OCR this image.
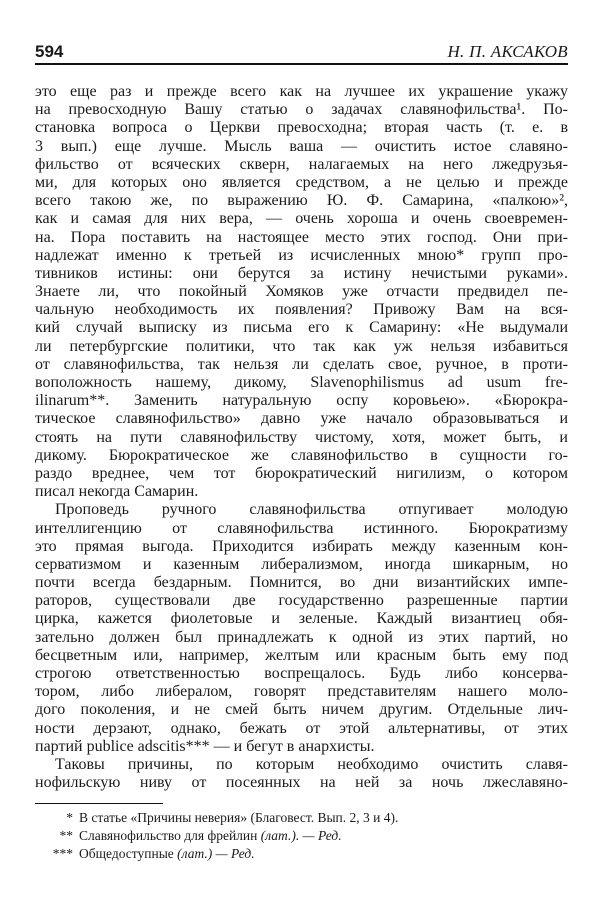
594	Н. П. АКСАКОВ
это еще раз и прежде всего как на лучшее их украшение укажу
на превосходную Вашу статью о задачах славянофильства¹. По-
становка вопроса о Церкви превосходна; вторая часть (т. е. в
3 вып.) еще лучше. Мысль ваша — очистить истое славяно-
фильство от всяческих скверн, налагаемых на него лжедрузья-
ми, для которых оно является средством, а не целью и прежде
всего такою же, по выражению Ю. Ф. Самарина, «палкою»²,
как и самая для них вера, — очень хороша и очень своевремен-
на. Пора поставить на настоящее место этих господ. Они при-
надлежат именно к третьей из исчисленных мною* групп про-
тивников истины: они берутся за истину нечистыми руками».
Знаете ли, что покойный Хомяков уже отчасти предвидел пе-
чальную необходимость их появления? Привожу Вам на вся-
кий случай выписку из письма его к Самарину: «Не выдумали
ли петербургские политики, что так как уж нельзя избавиться
от славянофильства, так нельзя ли сделать свое, ручное, в проти-
воположность нашему, дикому, Slavenophilismus ad usum fre-
ilinarum**. Заменить натуральную оспу коровьею». «Бюрокра-
тическое славянофильство» давно уже начало образовываться и
стоять на пути славянофильству чистому, хотя, может быть, и
дикому. Бюрократическое же славянофильство в сущности го-
раздо вреднее, чем тот бюрократический нигилизм, о котором
писал некогда Самарин.
Проповедь ручного славянофильства отпугивает молодую
интеллигенцию от славянофильства истинного. Бюрократизму
это прямая выгода. Приходится избирать между казенным кон-
серватизмом и казенным либерализмом, иногда шикарным, но
почти всегда бездарным. Помнится, во дни византийских импе-
раторов, существовали две государственно разрешенные партии
цирка, кажется фиолетовые и зеленые. Каждый византиец обя-
зательно должен был принадлежать к одной из этих партий, но
бесцветным или, например, желтым или красным быть ему под
строгою ответственностью воспрещалось. Будь либо консерва-
тором, либо либералом, говорят представителям нашего моло-
дого поколения, и не смей быть ничем другим. Отдельные лич-
ности дерзают, однако, бежать от этой альтернативы, от этих
партий publice adscitis*** — и бегут в анархисты.
Таковы причины, по которым необходимо очистить славя-
нофильскую ниву от посеянных на ней за ночь лжеславяно-
* В статье «Причины неверия» (Благовест. Вып. 2, 3 и 4).
** Славянофильство для фрейлин (лат.). — Ред.
*** Общедоступные (лат.) — Ред.
